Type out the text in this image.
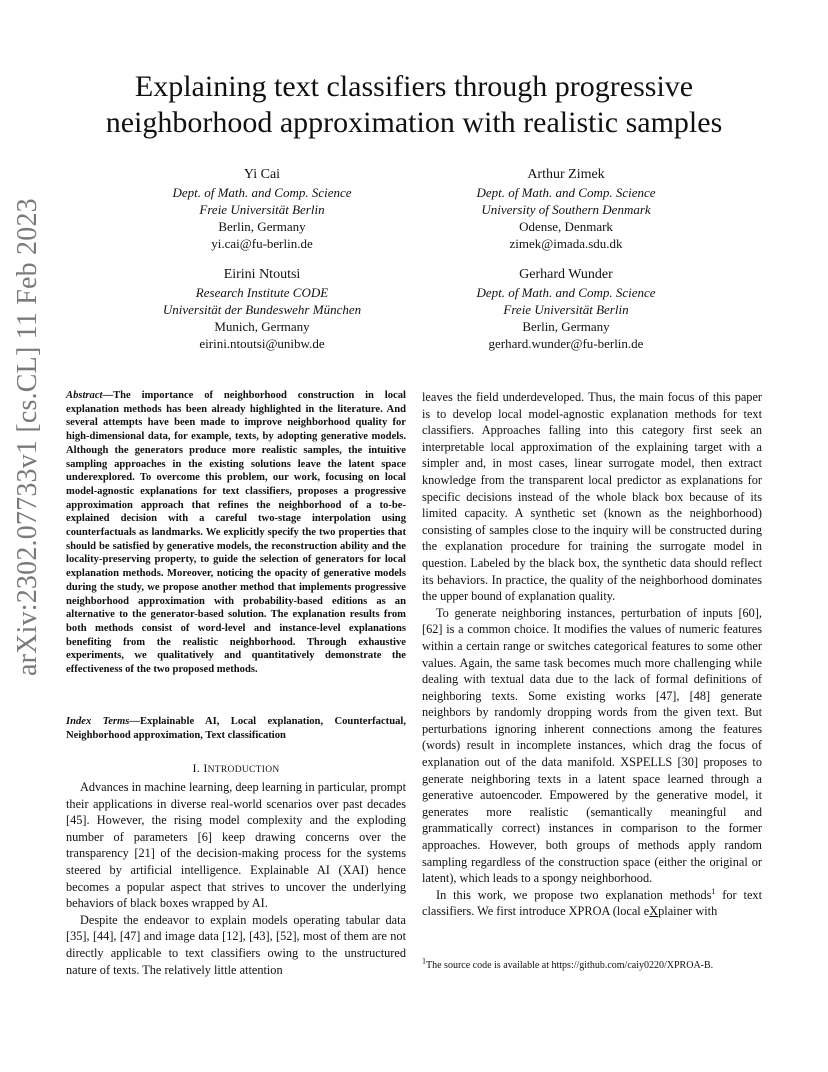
arXiv:2302.07733v1 [cs.CL] 11 Feb 2023
Explaining text classifiers through progressive
neighborhood approximation with realistic samples
Yi Cai
Dept. of Math. and Comp. Science
Freie Universität Berlin
Berlin, Germany
yi.cai@fu-berlin.de
Arthur Zimek
Dept. of Math. and Comp. Science
University of Southern Denmark
Odense, Denmark
zimek@imada.sdu.dk
Eirini Ntoutsi
Research Institute CODE
Universität der Bundeswehr München
Munich, Germany
eirini.ntoutsi@unibw.de
Gerhard Wunder
Dept. of Math. and Comp. Science
Freie Universität Berlin
Berlin, Germany
gerhard.wunder@fu-berlin.de
Abstract—The importance of neighborhood construction in local explanation methods has been already highlighted in the literature. And several attempts have been made to improve neighborhood quality for high-dimensional data, for example, texts, by adopting generative models. Although the generators produce more realistic samples, the intuitive sampling approaches in the existing solutions leave the latent space underexplored. To overcome this problem, our work, focusing on local model-agnostic explanations for text classifiers, proposes a progressive approximation approach that refines the neighborhood of a to-be-explained decision with a careful two-stage interpolation using counterfactuals as landmarks. We explicitly specify the two properties that should be satisfied by generative models, the reconstruction ability and the locality-preserving property, to guide the selection of generators for local explanation methods. Moreover, noticing the opacity of generative models during the study, we propose another method that implements progressive neighborhood approximation with probability-based editions as an alternative to the generator-based solution. The explanation results from both methods consist of word-level and instance-level explanations benefiting from the realistic neighborhood. Through exhaustive experiments, we qualitatively and quantitatively demonstrate the effectiveness of the two proposed methods.
Index Terms—Explainable AI, Local explanation, Counterfactual, Neighborhood approximation, Text classification
I. INTRODUCTION

Advances in machine learning, deep learning in particular, prompt their applications in diverse real-world scenarios over past decades [45]. However, the rising model complexity and the exploding number of parameters [6] keep drawing concerns over the transparency [21] of the decision-making process for the systems steered by artificial intelligence. Explainable AI (XAI) hence becomes a popular aspect that strives to uncover the underlying behaviors of black boxes wrapped by AI.

Despite the endeavor to explain models operating tabular data [35], [44], [47] and image data [12], [43], [52], most of them are not directly applicable to text classifiers owing to the unstructured nature of texts. The relatively little attention

leaves the field underdeveloped. Thus, the main focus of this paper is to develop local model-agnostic explanation methods for text classifiers. Approaches falling into this category first seek an interpretable local approximation of the explaining target with a simpler and, in most cases, linear surrogate model, then extract knowledge from the transparent local predictor as explanations for specific decisions instead of the whole black box because of its limited capacity. A synthetic set (known as the neighborhood) consisting of samples close to the inquiry will be constructed during the explanation procedure for training the surrogate model in question. Labeled by the black box, the synthetic data should reflect its behaviors. In practice, the quality of the neighborhood dominates the upper bound of explanation quality.

To generate neighboring instances, perturbation of inputs [60], [62] is a common choice. It modifies the values of numeric features within a certain range or switches categorical features to some other values. Again, the same task becomes much more challenging while dealing with textual data due to the lack of formal definitions of neighboring texts. Some existing works [47], [48] generate neighbors by randomly dropping words from the given text. But perturbations ignoring inherent connections among the features (words) result in incomplete instances, which drag the focus of explanation out of the data manifold. XSPELLS [30] proposes to generate neighboring texts in a latent space learned through a generative autoencoder. Empowered by the generative model, it generates more realistic (semantically meaningful and grammatically correct) instances in comparison to the former approaches. However, both groups of methods apply random sampling regardless of the construction space (either the original or latent), which leads to a spongy neighborhood.

In this work, we propose two explanation methods$^1$ for text classifiers. We first introduce XPROA (local eXplainer with

$^1$The source code is available at https://github.com/caiy0220/XPROA-B.
